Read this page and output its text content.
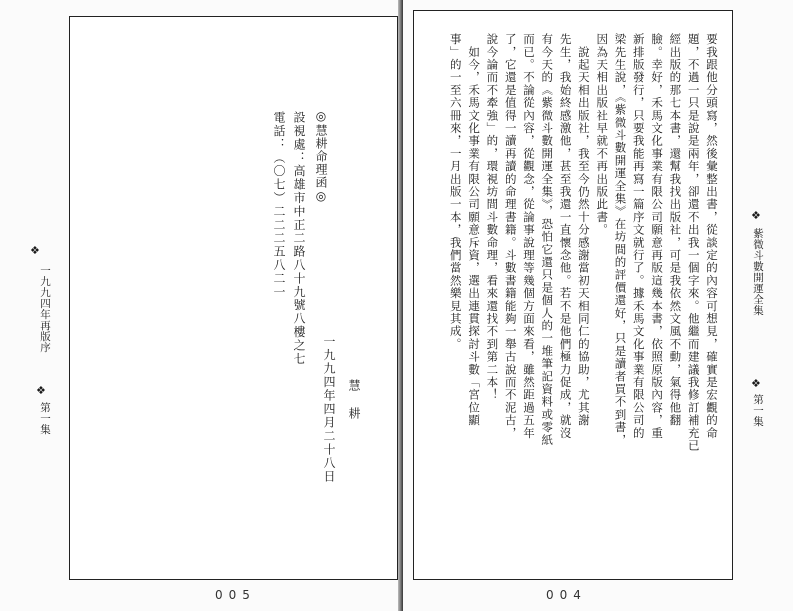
❖
一九九四年再版序
❖
第一集
◎慧耕命理函◎
設視處：高雄市中正二路八十九號八樓之七
電話：（〇七）二二二五八二一
慧　耕
一九九四年四月二十八日
005
要我跟他分頭寫，然後彙整出書，從談定的內容可想見，確實是宏觀的命
題，不過一只是說是兩年，卻還不出我一個字來。他繼而建議我修訂補充已
經出版的那七本書，還幫我找出版社，可是我依然文風不動，氣得他翻
臉。幸好，禾馬文化事業有限公司願意再版這幾本書，依照原版內容，重
新排版發行，只要我能再寫一篇序文就行了。據禾馬文化事業有限公司的
梁先生說，《紫微斗數開運全集》在坊間的評價還好，只是讀者買不到書，
因為天相出版社早就不再出版此書。
　說起天相出版社，我至今仍然十分感謝當初天相同仁的協助，尤其謝
先生，我始終感激他，甚至我還一直懷念他。若不是他們極力促成，就沒
有今天的《紫微斗數開運全集》，恐怕它還只是個人的一堆筆記資料或零紙
而已。不論從內容，從觀念，從論事說理等幾個方面來看，雖然距過五年
了，它還是值得一讀再讀的命理書籍。斗數書籍能夠一舉古說而不泥古，
說今論而不牽強」的，環視坊間斗數命理，看來還找不到第二本！
　如今，禾馬文化事業有限公司願意斥資，選出連貫探討斗數「宮位顯
事」的一至六冊來，一月出版一本，我們當然樂見其成。	❖
紫微斗數開運全集
❖
第一集
004
